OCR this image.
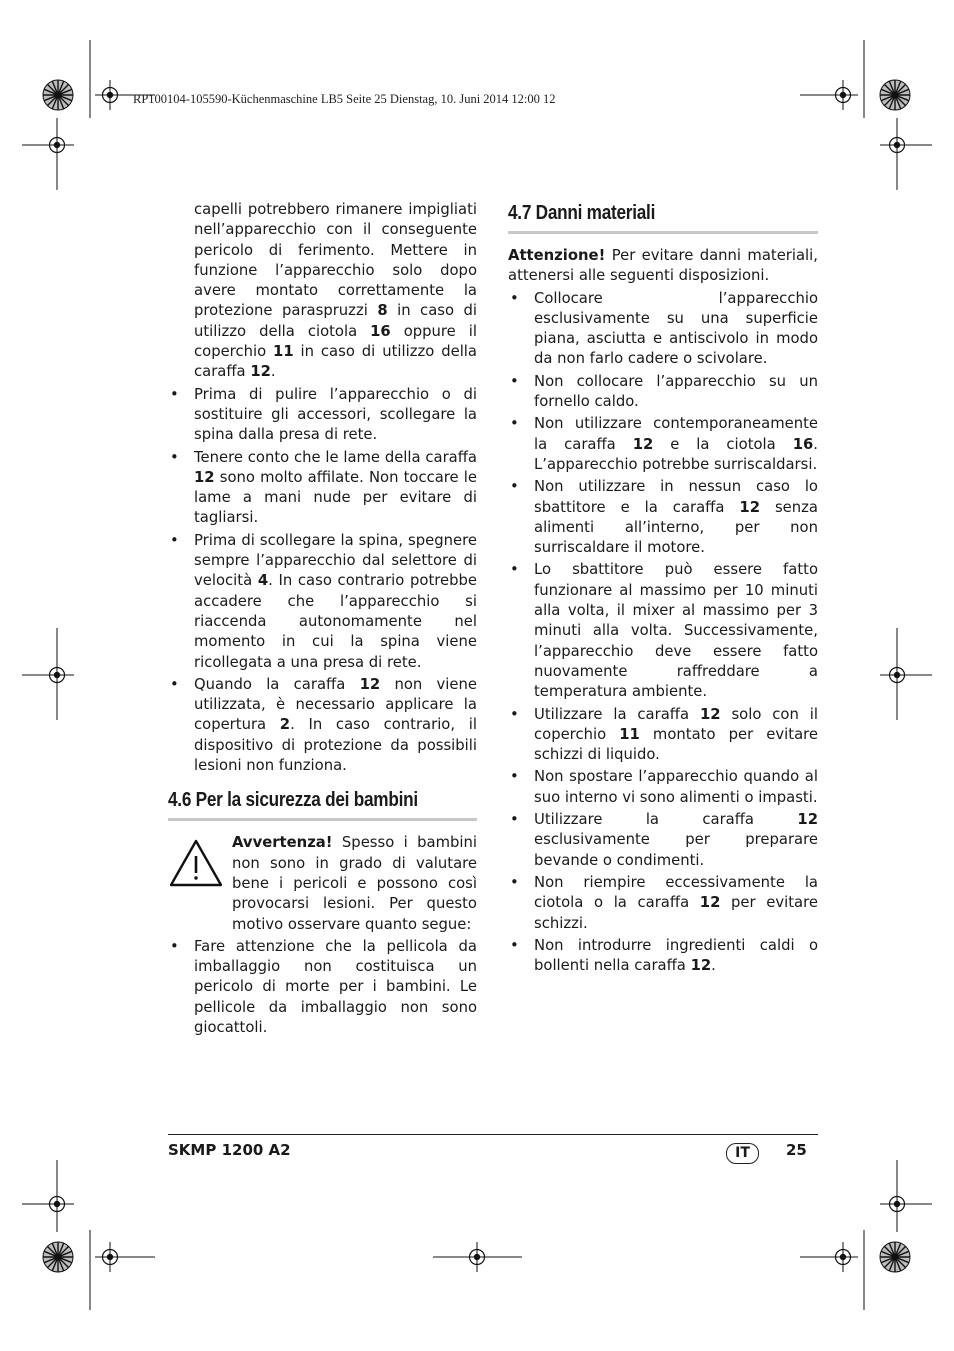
RP100104-105590-Küchenmaschine LB5 Seite 25 Dienstag, 10. Juni 2014 12:00 12

capelli potrebbero rimanere impigliati nell’apparecchio con il conseguente pericolo di ferimento. Mettere in funzione l’apparecchio solo dopo avere montato correttamente la protezione paraspruzzi 8 in caso di utilizzo della ciotola 16 oppure il coperchio 11 in caso di utilizzo della caraffa 12.

• Prima di pulire l’apparecchio o di sostituire gli accessori, scollegare la spina dalla presa di rete.
• Tenere conto che le lame della caraffa 12 sono molto affilate. Non toccare le lame a mani nude per evitare di tagliarsi.
• Prima di scollegare la spina, spegnere sempre l’apparecchio dal selettore di velocità 4. In caso contrario potrebbe accadere che l’apparecchio si riaccenda autonomamente nel momento in cui la spina viene ricollegata a una presa di rete.
• Quando la caraffa 12 non viene utilizzata, è necessario applicare la copertura 2. In caso contrario, il dispositivo di protezione da possibili lesioni non funziona.
4.6 Per la sicurezza dei bambini

Avvertenza! Spesso i bambini non sono in grado di valutare bene i pericoli e possono così provocarsi lesioni. Per questo motivo osservare quanto segue:

• Fare attenzione che la pellicola da imballaggio non costituisca un pericolo di morte per i bambini. Le pellicole da imballaggio non sono giocattoli.
4.7 Danni materiali

Attenzione! Per evitare danni materiali, attenersi alle seguenti disposizioni.

• Collocare l’apparecchio esclusivamente su una superficie piana, asciutta e antiscivolo in modo da non farlo cadere o scivolare.
• Non collocare l’apparecchio su un fornello caldo.
• Non utilizzare contemporaneamente la caraffa 12 e la ciotola 16. L’apparecchio potrebbe surriscaldarsi.
• Non utilizzare in nessun caso lo sbattitore e la caraffa 12 senza alimenti all’interno, per non surriscaldare il motore.
• Lo sbattitore può essere fatto funzionare al massimo per 10 minuti alla volta, il mixer al massimo per 3 minuti alla volta. Successivamente, l’apparecchio deve essere fatto nuovamente raffreddare a temperatura ambiente.
• Utilizzare la caraffa 12 solo con il coperchio 11 montato per evitare schizzi di liquido.
• Non spostare l’apparecchio quando al suo interno vi sono alimenti o impasti.
• Utilizzare la caraffa 12 esclusivamente per preparare bevande o condimenti.
• Non riempire eccessivamente la ciotola o la caraffa 12 per evitare schizzi.
• Non introdurre ingredienti caldi o bollenti nella caraffa 12.
SKMP 1200 A2	IT	25
